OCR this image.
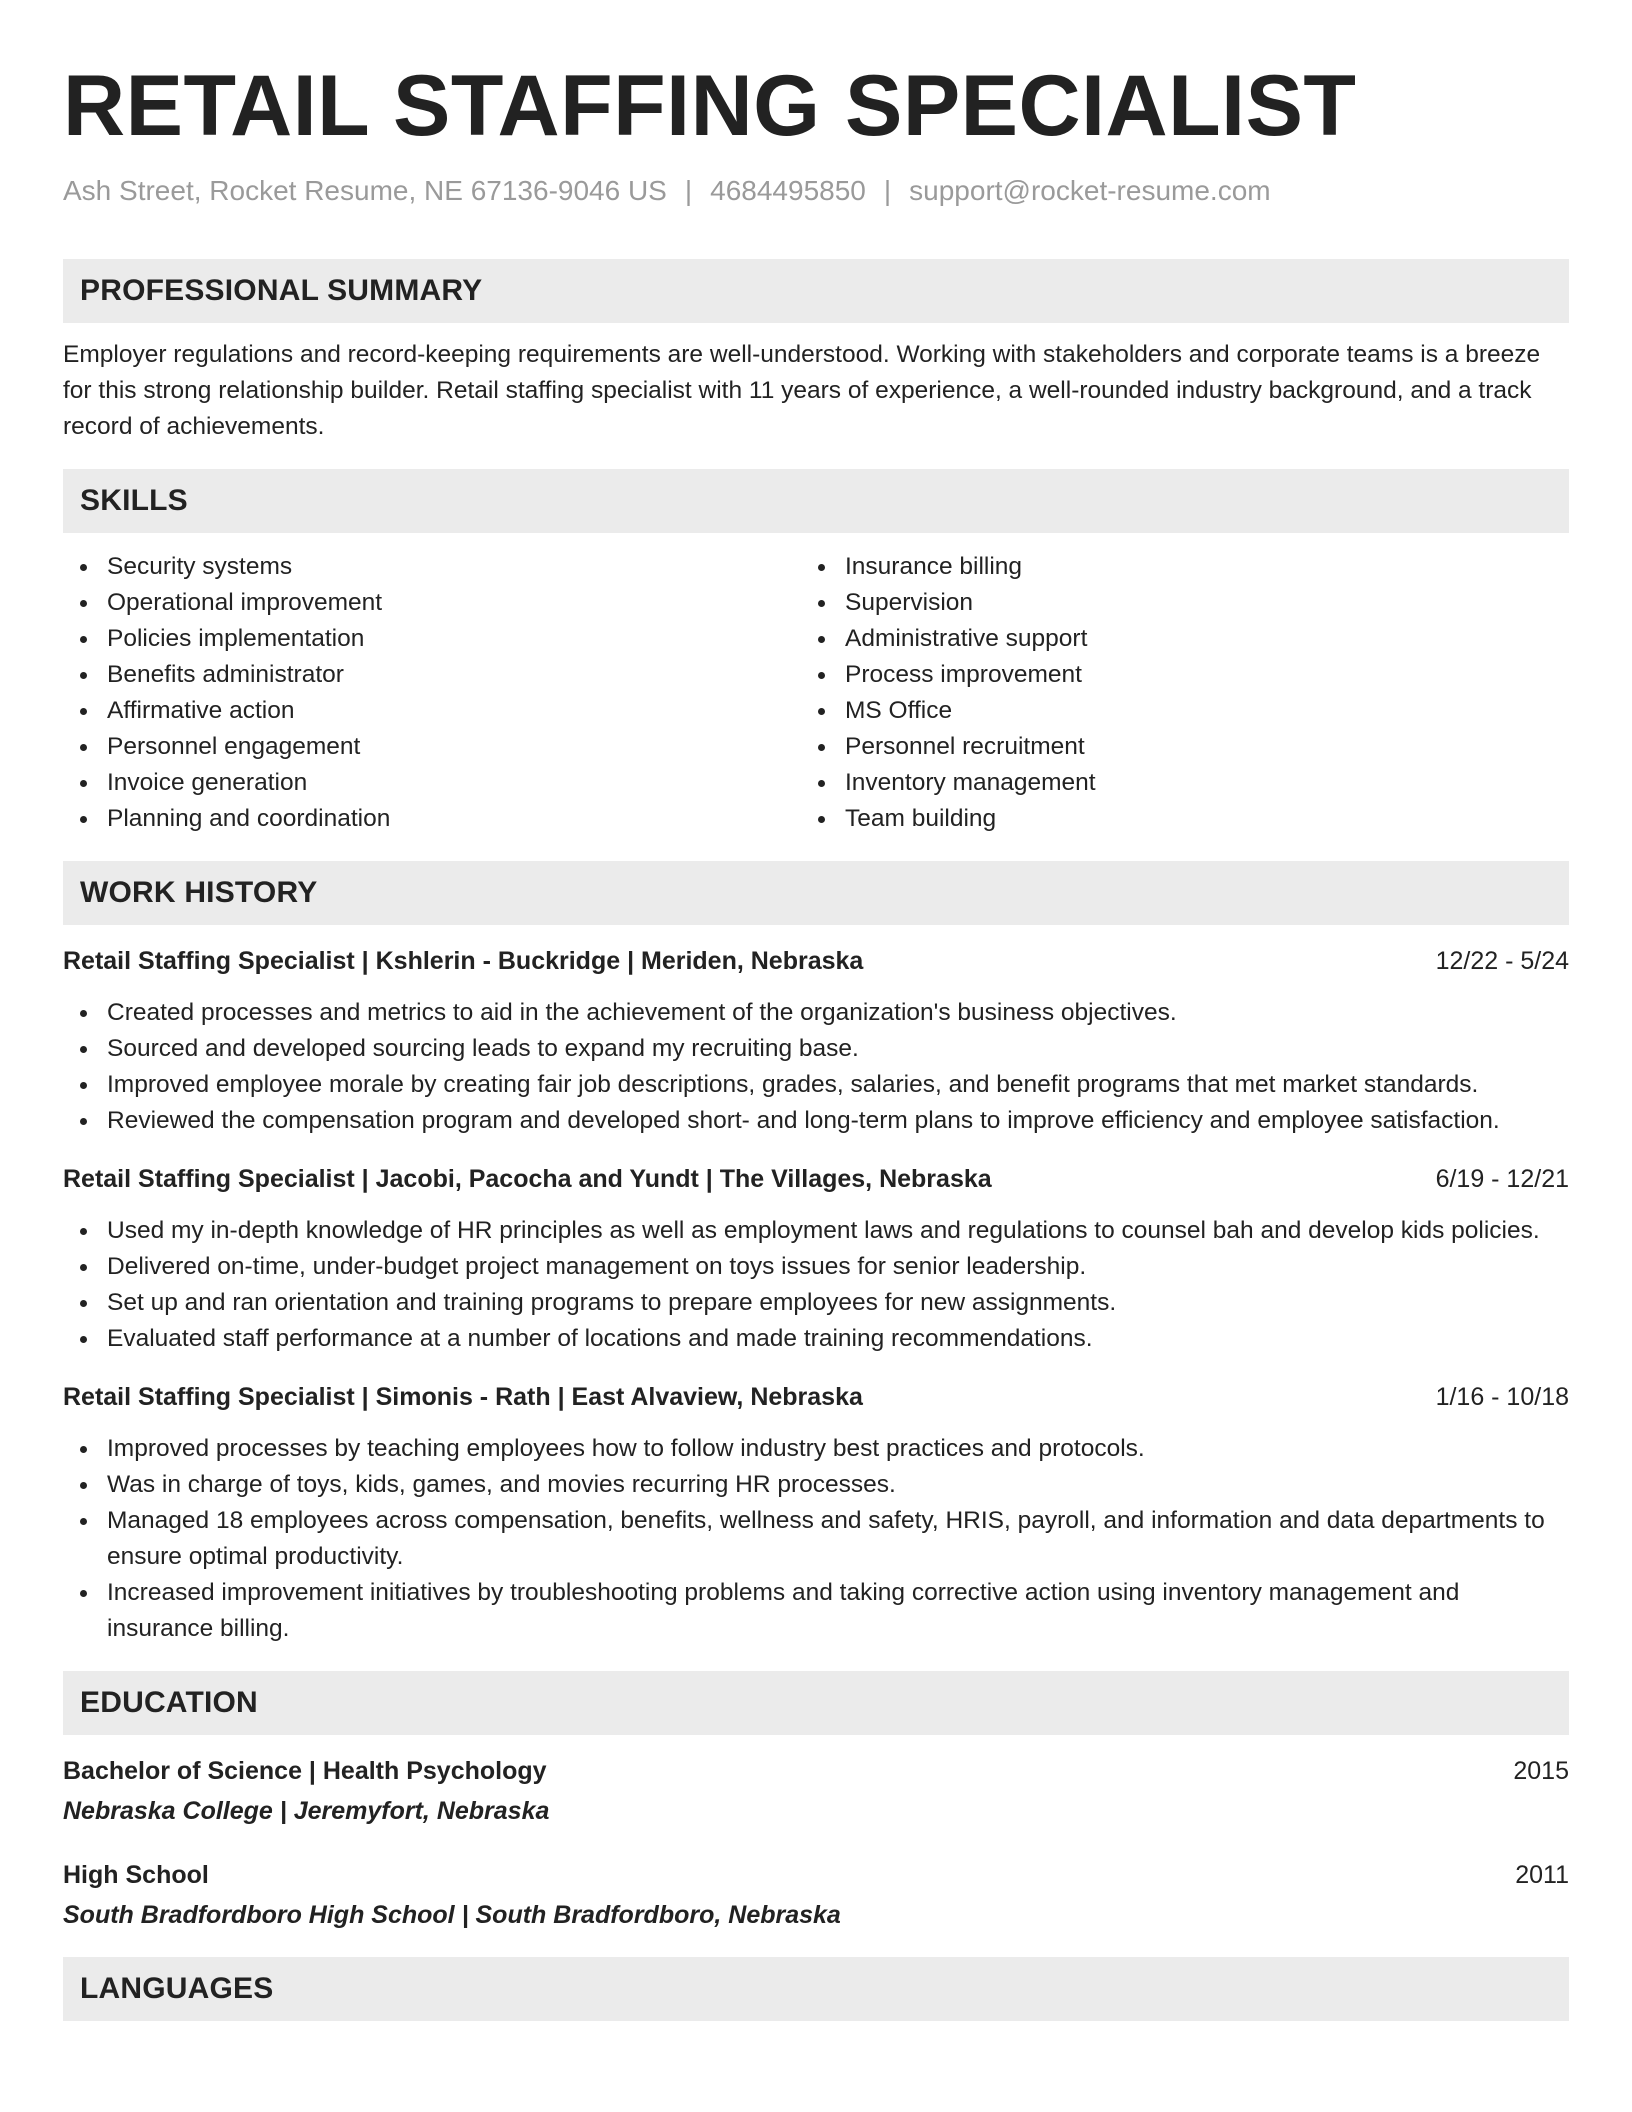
RETAIL STAFFING SPECIALIST
Ash Street, Rocket Resume, NE 67136-9046 US | 4684495850 | support@rocket-resume.com
PROFESSIONAL SUMMARY
Employer regulations and record-keeping requirements are well-understood. Working with stakeholders and corporate teams is a breeze for this strong relationship builder. Retail staffing specialist with 11 years of experience, a well-rounded industry background, and a track record of achievements.
SKILLS
Security systems
Operational improvement
Policies implementation
Benefits administrator
Affirmative action
Personnel engagement
Invoice generation
Planning and coordination
Insurance billing
Supervision
Administrative support
Process improvement
MS Office
Personnel recruitment
Inventory management
Team building
WORK HISTORY
Retail Staffing Specialist | Kshlerin - Buckridge | Meriden, Nebraska	12/22 - 5/24
Created processes and metrics to aid in the achievement of the organization's business objectives.
Sourced and developed sourcing leads to expand my recruiting base.
Improved employee morale by creating fair job descriptions, grades, salaries, and benefit programs that met market standards.
Reviewed the compensation program and developed short- and long-term plans to improve efficiency and employee satisfaction.
Retail Staffing Specialist | Jacobi, Pacocha and Yundt | The Villages, Nebraska	6/19 - 12/21
Used my in-depth knowledge of HR principles as well as employment laws and regulations to counsel bah and develop kids policies.
Delivered on-time, under-budget project management on toys issues for senior leadership.
Set up and ran orientation and training programs to prepare employees for new assignments.
Evaluated staff performance at a number of locations and made training recommendations.
Retail Staffing Specialist | Simonis - Rath | East Alvaview, Nebraska	1/16 - 10/18
Improved processes by teaching employees how to follow industry best practices and protocols.
Was in charge of toys, kids, games, and movies recurring HR processes.
Managed 18 employees across compensation, benefits, wellness and safety, HRIS, payroll, and information and data departments to ensure optimal productivity.
Increased improvement initiatives by troubleshooting problems and taking corrective action using inventory management and insurance billing.
EDUCATION
Bachelor of Science | Health Psychology	2015
Nebraska College | Jeremyfort, Nebraska
High School	2011
South Bradfordboro High School | South Bradfordboro, Nebraska
LANGUAGES
